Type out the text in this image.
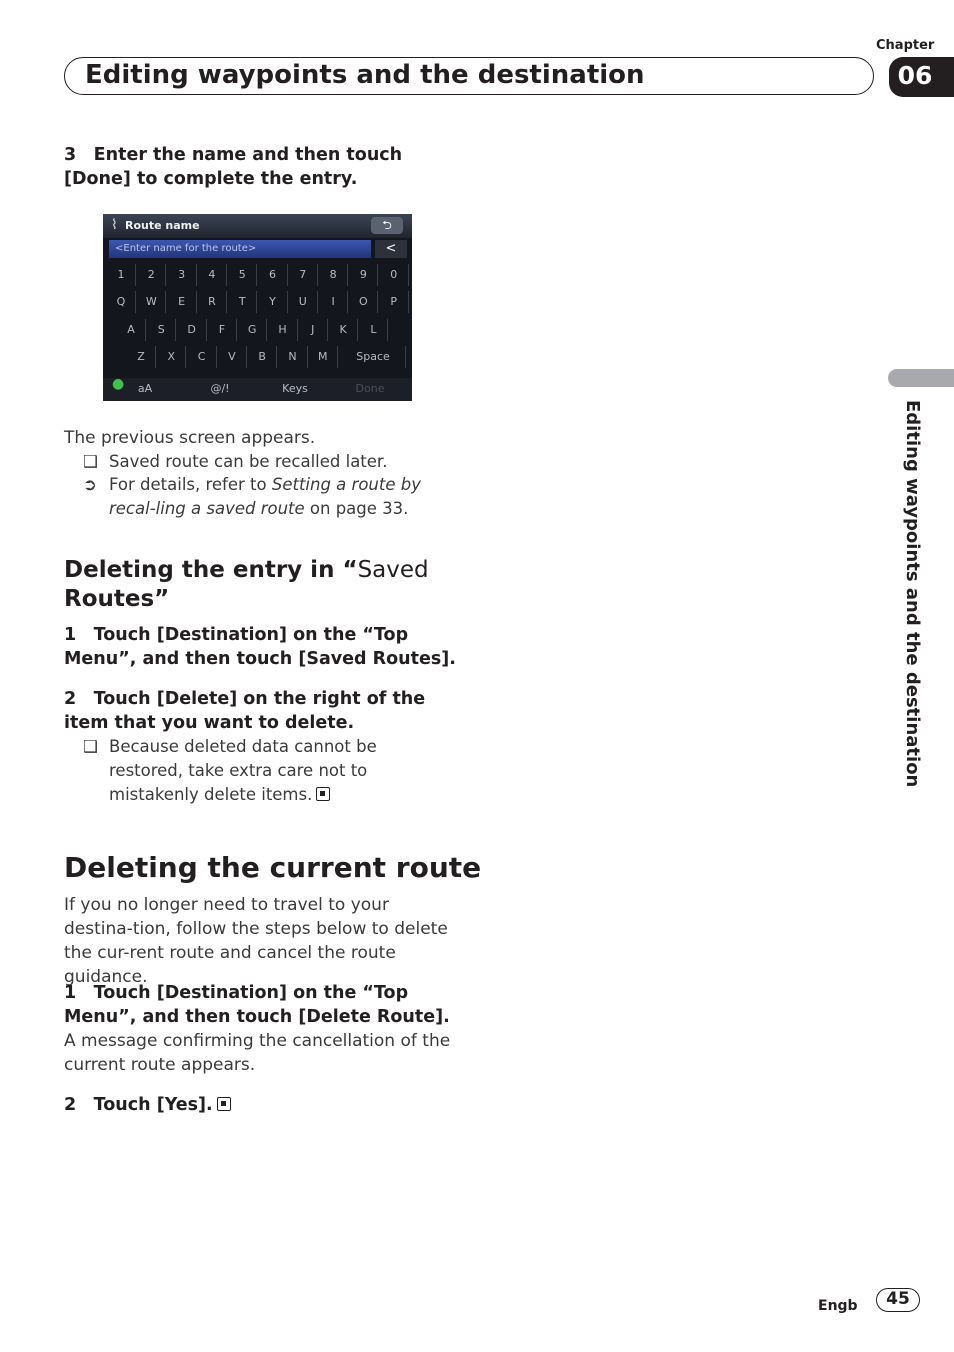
Chapter
Editing waypoints and the destination	06
Editing waypoints and the destination
3 Enter the name and then touch [Done] to complete the entry.
⌇ Route name	⮌
<Enter name for the route>	<
1	2	3	4	5	6	7	8	9	0
Q	W	E	R	T	Y	U	I	O	P
A	S	D	F	G	H	J	K	L
Z	X	C	V	B	N	M	Space
●	aA	@/!	Keys	Done
The previous screen appears.
❑ Saved route can be recalled later.
➲ For details, refer to Setting a route by recal-ling a saved route on page 33.
Deleting the entry in “Saved
Routes”
1 Touch [Destination] on the “Top Menu”, and then touch [Saved Routes].
2 Touch [Delete] on the right of the item that you want to delete.
❑ Because deleted data cannot be restored, take extra care not to mistakenly delete items.
Deleting the current route
If you no longer need to travel to your destina-tion, follow the steps below to delete the cur-rent route and cancel the route guidance.
1 Touch [Destination] on the “Top Menu”, and then touch [Delete Route].
A message confirming the cancellation of the current route appears.
2 Touch [Yes].
Engb	45
